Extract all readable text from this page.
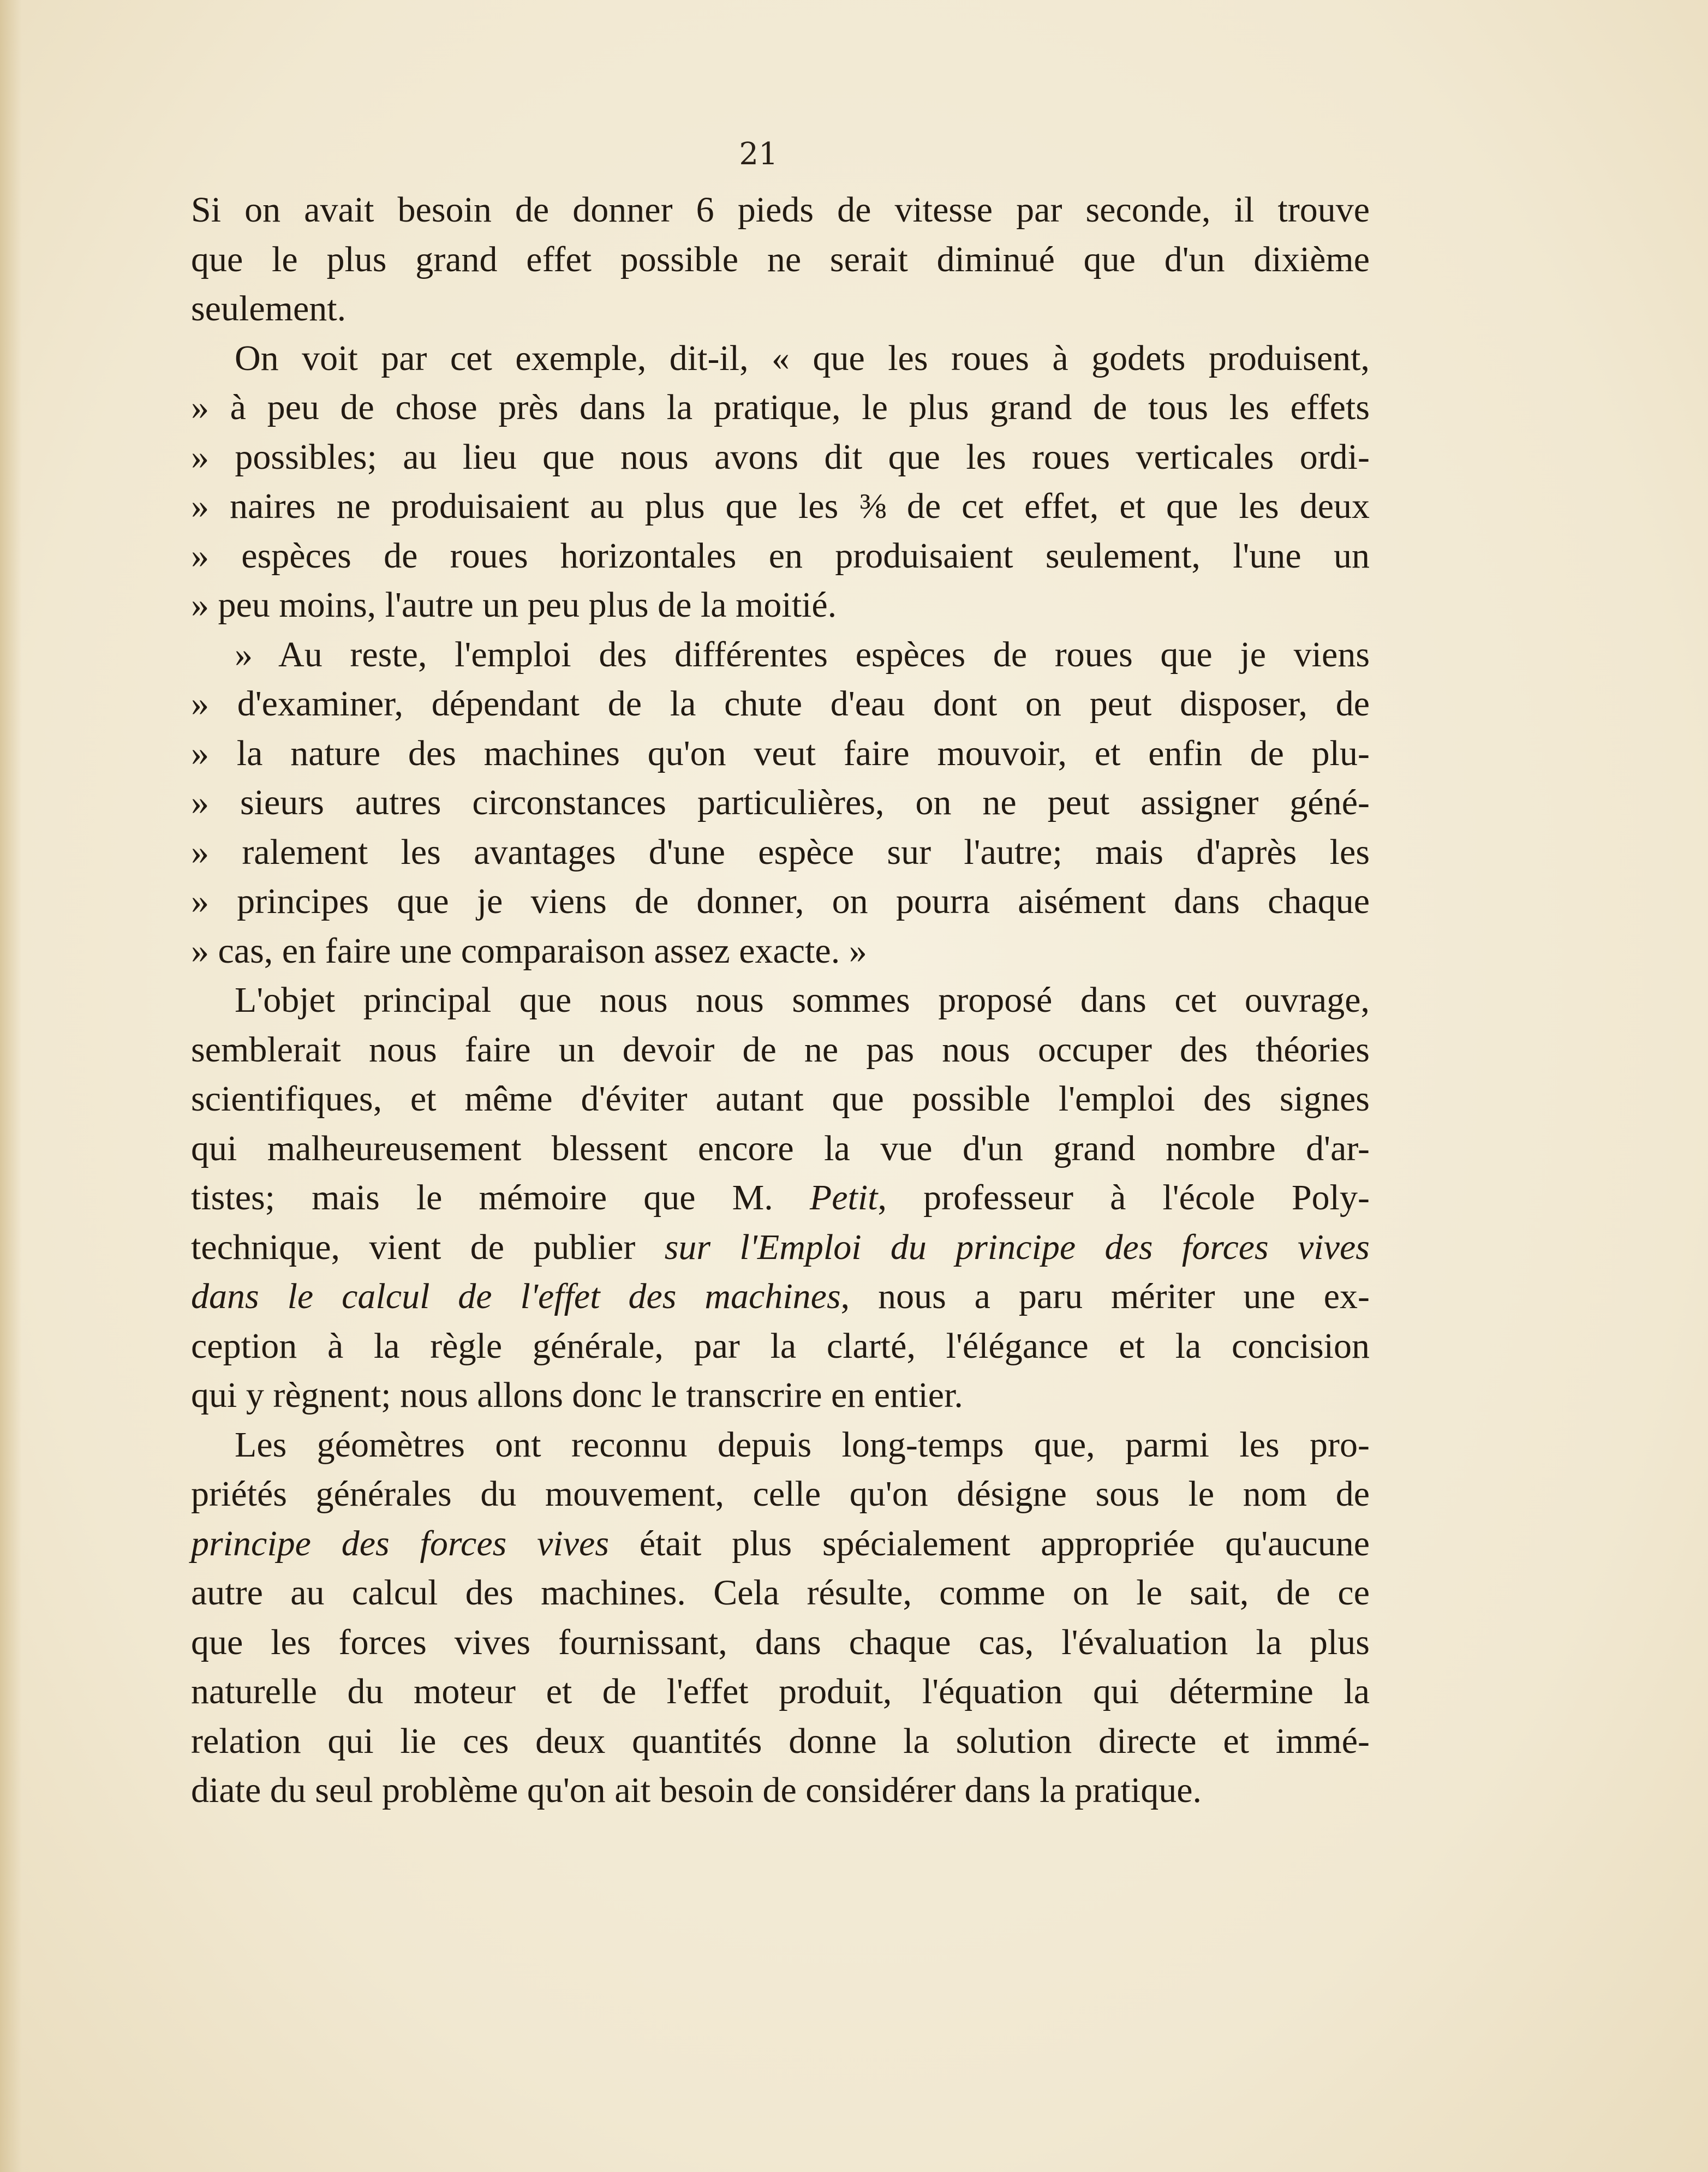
21
Si on avait besoin de donner 6 pieds de vitesse par seconde, il trouve
que le plus grand effet possible ne serait diminué que d'un dixième
seulement.
On voit par cet exemple, dit-il, « que les roues à godets produisent,
» à peu de chose près dans la pratique, le plus grand de tous les effets
» possibles; au lieu que nous avons dit que les roues verticales ordi-
» naires ne produisaient au plus que les ⅜ de cet effet, et que les deux
» espèces de roues horizontales en produisaient seulement, l'une un
» peu moins, l'autre un peu plus de la moitié.
» Au reste, l'emploi des différentes espèces de roues que je viens
» d'examiner, dépendant de la chute d'eau dont on peut disposer, de
» la nature des machines qu'on veut faire mouvoir, et enfin de plu-
» sieurs autres circonstances particulières, on ne peut assigner géné-
» ralement les avantages d'une espèce sur l'autre; mais d'après les
» principes que je viens de donner, on pourra aisément dans chaque
» cas, en faire une comparaison assez exacte. »
L'objet principal que nous nous sommes proposé dans cet ouvrage,
semblerait nous faire un devoir de ne pas nous occuper des théories
scientifiques, et même d'éviter autant que possible l'emploi des signes
qui malheureusement blessent encore la vue d'un grand nombre d'ar-
tistes; mais le mémoire que M. Petit, professeur à l'école Poly-
technique, vient de publier sur l'Emploi du principe des forces vives
dans le calcul de l'effet des machines, nous a paru mériter une ex-
ception à la règle générale, par la clarté, l'élégance et la concision
qui y règnent; nous allons donc le transcrire en entier.
Les géomètres ont reconnu depuis long-temps que, parmi les pro-
priétés générales du mouvement, celle qu'on désigne sous le nom de
principe des forces vives était plus spécialement appropriée qu'aucune
autre au calcul des machines. Cela résulte, comme on le sait, de ce
que les forces vives fournissant, dans chaque cas, l'évaluation la plus
naturelle du moteur et de l'effet produit, l'équation qui détermine la
relation qui lie ces deux quantités donne la solution directe et immé-
diate du seul problème qu'on ait besoin de considérer dans la pratique.
